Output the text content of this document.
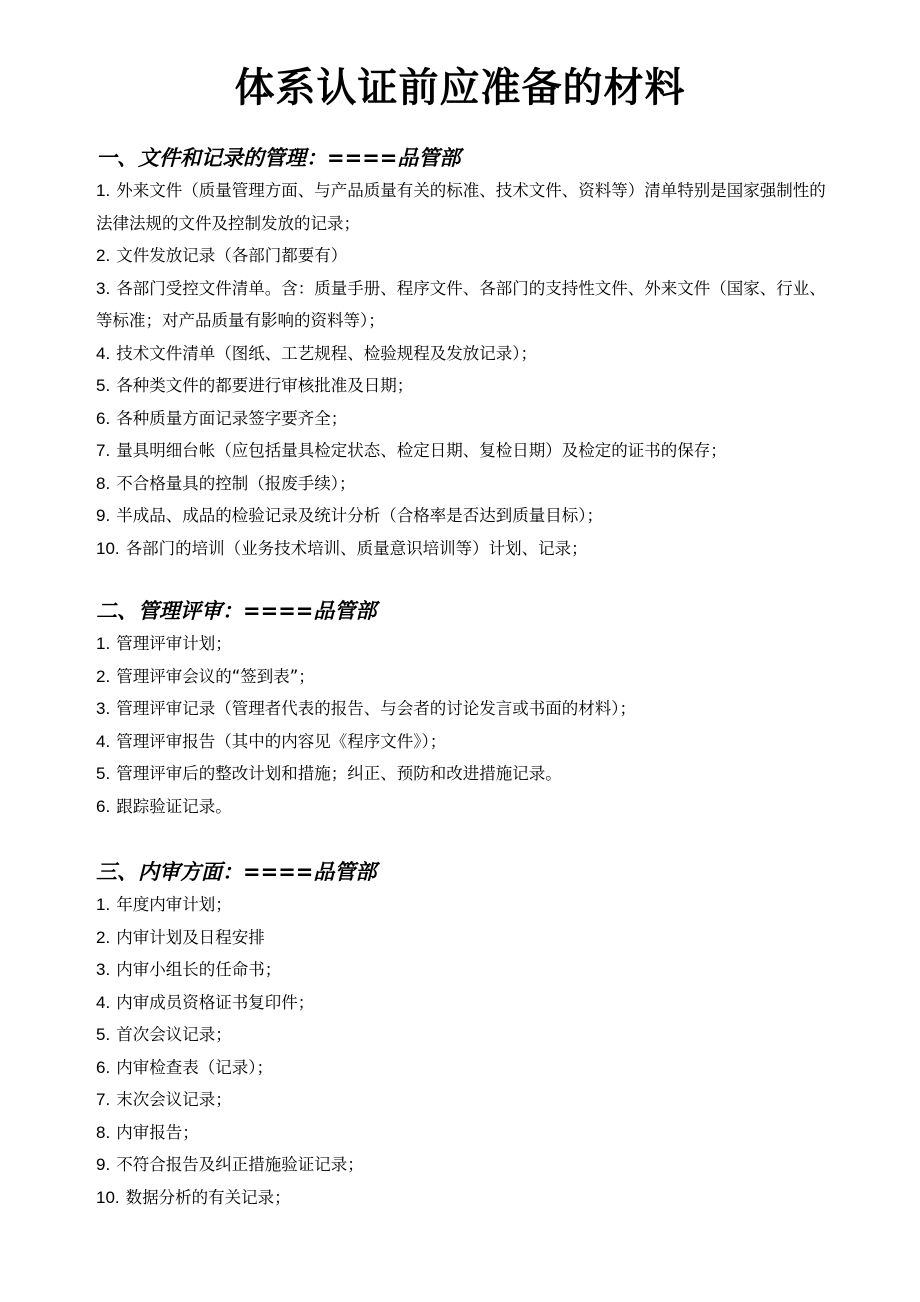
体系认证前应准备的材料
一、文件和记录的管理：====品管部
1. 外来文件（质量管理方面、与产品质量有关的标准、技术文件、资料等）清单特别是国家强制性的法律法规的文件及控制发放的记录；
2. 文件发放记录（各部门都要有）
3. 各部门受控文件清单。含：质量手册、程序文件、各部门的支持性文件、外来文件（国家、行业、等标准；对产品质量有影响的资料等）；
4. 技术文件清单（图纸、工艺规程、检验规程及发放记录）；
5. 各种类文件的都要进行审核批准及日期；
6. 各种质量方面记录签字要齐全；
7. 量具明细台帐（应包括量具检定状态、检定日期、复检日期）及检定的证书的保存；
8. 不合格量具的控制（报废手续）；
9. 半成品、成品的检验记录及统计分析（合格率是否达到质量目标）；
10. 各部门的培训（业务技术培训、质量意识培训等）计划、记录；
二、管理评审：====品管部
1. 管理评审计划；
2. 管理评审会议的“签到表”；
3. 管理评审记录（管理者代表的报告、与会者的讨论发言或书面的材料）；
4. 管理评审报告（其中的内容见《程序文件》）；
5. 管理评审后的整改计划和措施；纠正、预防和改进措施记录。
6. 跟踪验证记录。
三、内审方面：====品管部
1. 年度内审计划；
2. 内审计划及日程安排
3. 内审小组长的任命书；
4. 内审成员资格证书复印件；
5. 首次会议记录；
6. 内审检查表（记录）；
7. 末次会议记录；
8. 内审报告；
9. 不符合报告及纠正措施验证记录；
10. 数据分析的有关记录；
